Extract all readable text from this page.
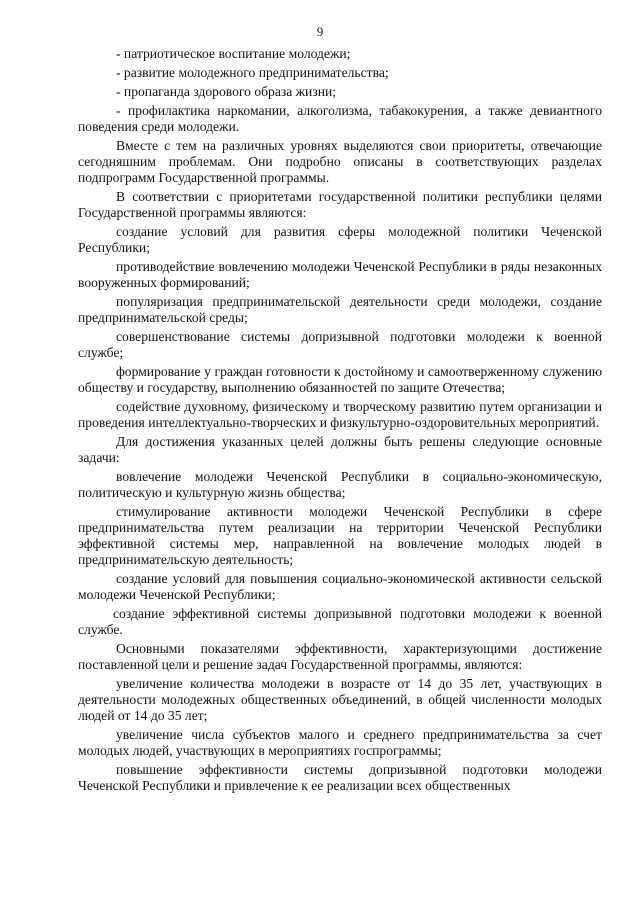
9

- патриотическое воспитание молодежи;

- развитие молодежного предпринимательства;

- пропаганда здорового образа жизни;

- профилактика наркомании, алкоголизма, табакокурения, а также девиантного поведения среди молодежи.

Вместе с тем на различных уровнях выделяются свои приоритеты, отвечающие сегодняшним проблемам. Они подробно описаны в соответствующих разделах подпрограмм Государственной программы.

В соответствии с приоритетами государственной политики республики целями Государственной программы являются:

создание условий для развития сферы молодежной политики Чеченской Республики;

противодействие вовлечению молодежи Чеченской Республики в ряды незаконных вооруженных формирований;

популяризация предпринимательской деятельности среди молодежи, создание предпринимательской среды;

совершенствование системы допризывной подготовки молодежи к военной службе;

формирование у граждан готовности к достойному и самоотверженному служению обществу и государству, выполнению обязанностей по защите Отечества;

содействие духовному, физическому и творческому развитию путем организации и проведения интеллектуально-творческих и физкультурно-оздоровительных мероприятий.

Для достижения указанных целей должны быть решены следующие основные задачи:

вовлечение молодежи Чеченской Республики в социально-экономическую, политическую и культурную жизнь общества;

стимулирование активности молодежи Чеченской Республики в сфере предпринимательства путем реализации на территории Чеченской Республики эффективной системы мер, направленной на вовлечение молодых людей в предпринимательскую деятельность;

создание условий для повышения социально-экономической активности сельской молодежи Чеченской Республики;

создание эффективной системы допризывной подготовки молодежи к военной службе.

Основными показателями эффективности, характеризующими достижение поставленной цели и решение задач Государственной программы, являются:

увеличение количества молодежи в возрасте от 14 до 35 лет, участвующих в деятельности молодежных общественных объединений, в общей численности молодых людей от 14 до 35 лет;

увеличение числа субъектов малого и среднего предпринимательства за счет молодых людей, участвующих в мероприятиях госпрограммы;

повышение эффективности системы допризывной подготовки молодежи Чеченской Республики и привлечение к ее реализации всех общественных
